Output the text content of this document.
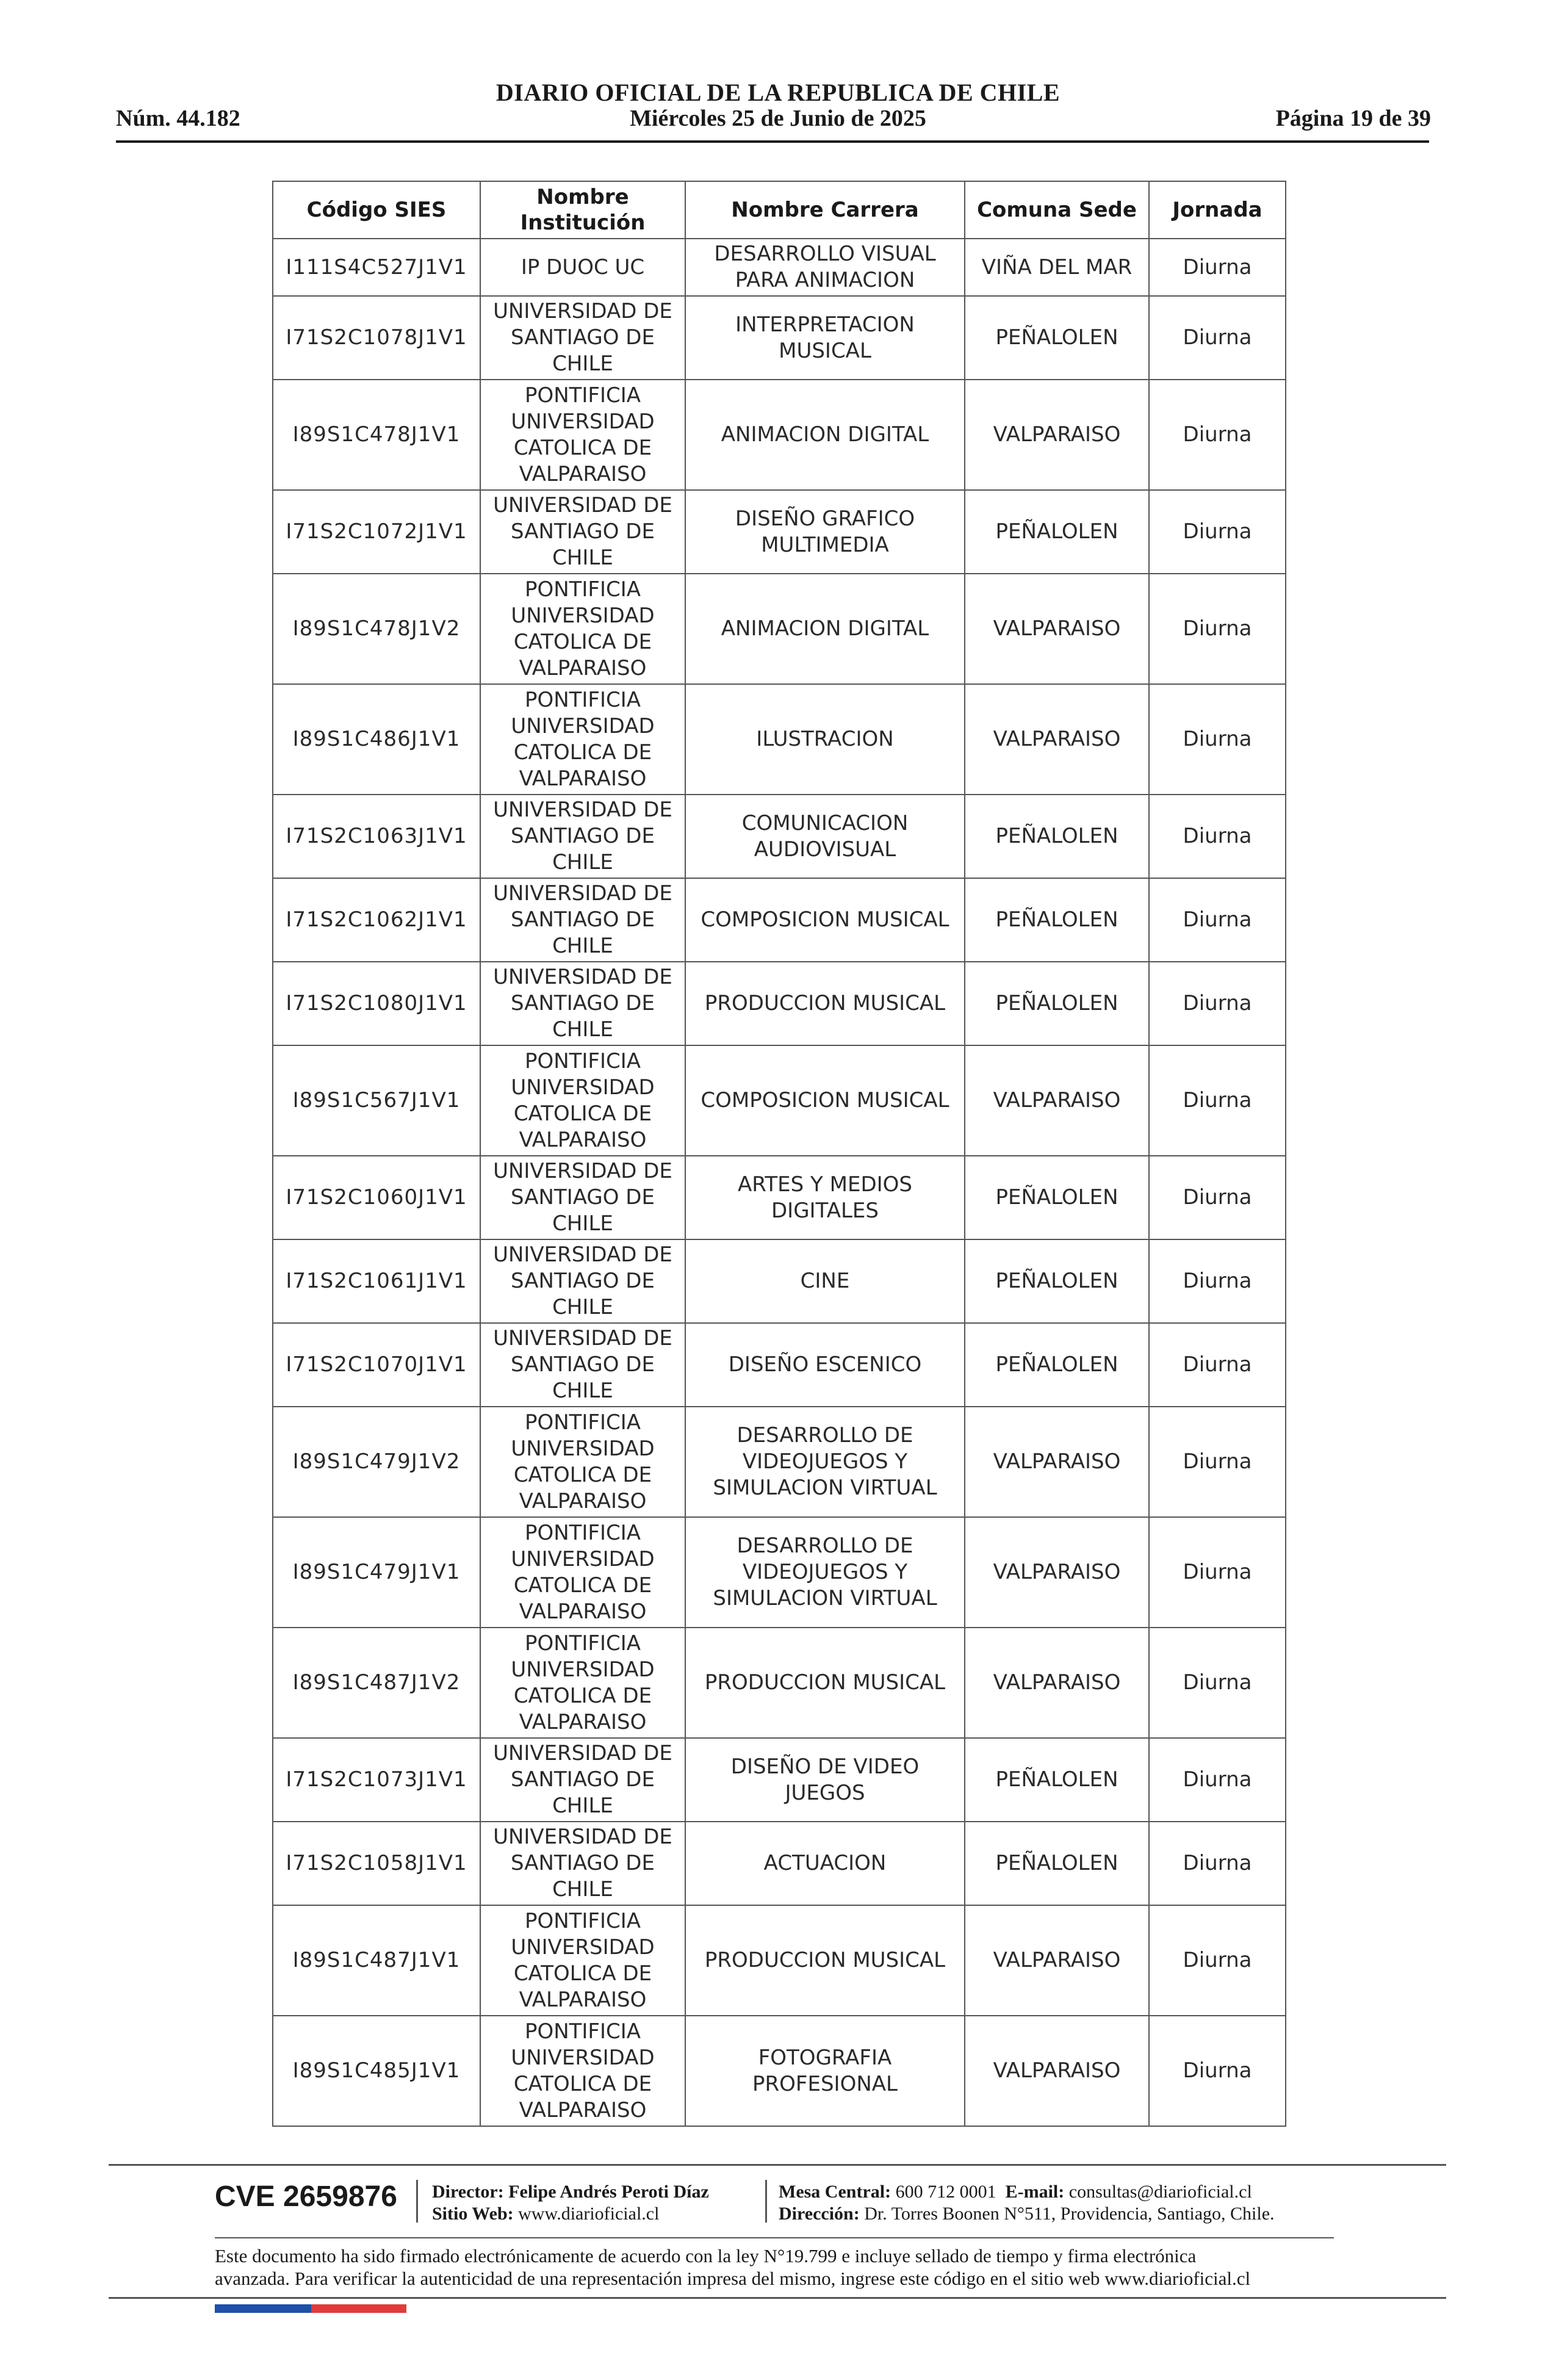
DIARIO OFICIAL DE LA REPUBLICA DE CHILE
Núm. 44.182	Miércoles 25 de Junio de 2025	Página 19 de 39
Código SIES	Nombre Institución	Nombre Carrera	Comuna Sede	Jornada
I111S4C527J1V1	IP DUOC UC	DESARROLLO VISUAL PARA ANIMACION	VIÑA DEL MAR	Diurna
I71S2C1078J1V1	UNIVERSIDAD DE SANTIAGO DE CHILE	INTERPRETACION MUSICAL	PEÑALOLEN	Diurna
I89S1C478J1V1	PONTIFICIA UNIVERSIDAD CATOLICA DE VALPARAISO	ANIMACION DIGITAL	VALPARAISO	Diurna
I71S2C1072J1V1	UNIVERSIDAD DE SANTIAGO DE CHILE	DISEÑO GRAFICO MULTIMEDIA	PEÑALOLEN	Diurna
I89S1C478J1V2	PONTIFICIA UNIVERSIDAD CATOLICA DE VALPARAISO	ANIMACION DIGITAL	VALPARAISO	Diurna
I89S1C486J1V1	PONTIFICIA UNIVERSIDAD CATOLICA DE VALPARAISO	ILUSTRACION	VALPARAISO	Diurna
I71S2C1063J1V1	UNIVERSIDAD DE SANTIAGO DE CHILE	COMUNICACION AUDIOVISUAL	PEÑALOLEN	Diurna
I71S2C1062J1V1	UNIVERSIDAD DE SANTIAGO DE CHILE	COMPOSICION MUSICAL	PEÑALOLEN	Diurna
I71S2C1080J1V1	UNIVERSIDAD DE SANTIAGO DE CHILE	PRODUCCION MUSICAL	PEÑALOLEN	Diurna
I89S1C567J1V1	PONTIFICIA UNIVERSIDAD CATOLICA DE VALPARAISO	COMPOSICION MUSICAL	VALPARAISO	Diurna
I71S2C1060J1V1	UNIVERSIDAD DE SANTIAGO DE CHILE	ARTES Y MEDIOS DIGITALES	PEÑALOLEN	Diurna
I71S2C1061J1V1	UNIVERSIDAD DE SANTIAGO DE CHILE	CINE	PEÑALOLEN	Diurna
I71S2C1070J1V1	UNIVERSIDAD DE SANTIAGO DE CHILE	DISEÑO ESCENICO	PEÑALOLEN	Diurna
I89S1C479J1V2	PONTIFICIA UNIVERSIDAD CATOLICA DE VALPARAISO	DESARROLLO DE VIDEOJUEGOS Y SIMULACION VIRTUAL	VALPARAISO	Diurna
I89S1C479J1V1	PONTIFICIA UNIVERSIDAD CATOLICA DE VALPARAISO	DESARROLLO DE VIDEOJUEGOS Y SIMULACION VIRTUAL	VALPARAISO	Diurna
I89S1C487J1V2	PONTIFICIA UNIVERSIDAD CATOLICA DE VALPARAISO	PRODUCCION MUSICAL	VALPARAISO	Diurna
I71S2C1073J1V1	UNIVERSIDAD DE SANTIAGO DE CHILE	DISEÑO DE VIDEO JUEGOS	PEÑALOLEN	Diurna
I71S2C1058J1V1	UNIVERSIDAD DE SANTIAGO DE CHILE	ACTUACION	PEÑALOLEN	Diurna
I89S1C487J1V1	PONTIFICIA UNIVERSIDAD CATOLICA DE VALPARAISO	PRODUCCION MUSICAL	VALPARAISO	Diurna
I89S1C485J1V1	PONTIFICIA UNIVERSIDAD CATOLICA DE VALPARAISO	FOTOGRAFIA PROFESIONAL	VALPARAISO	Diurna
CVE 2659876 Director: Felipe Andrés Peroti Díaz
Sitio Web: www.diarioficial.cl
Mesa Central: 600 712 0001 E-mail: consultas@diarioficial.cl
Dirección: Dr. Torres Boonen N°511, Providencia, Santiago, Chile.
Este documento ha sido firmado electrónicamente de acuerdo con la ley N°19.799 e incluye sellado de tiempo y firma electrónica
avanzada. Para verificar la autenticidad de una representación impresa del mismo, ingrese este código en el sitio web www.diarioficial.cl
